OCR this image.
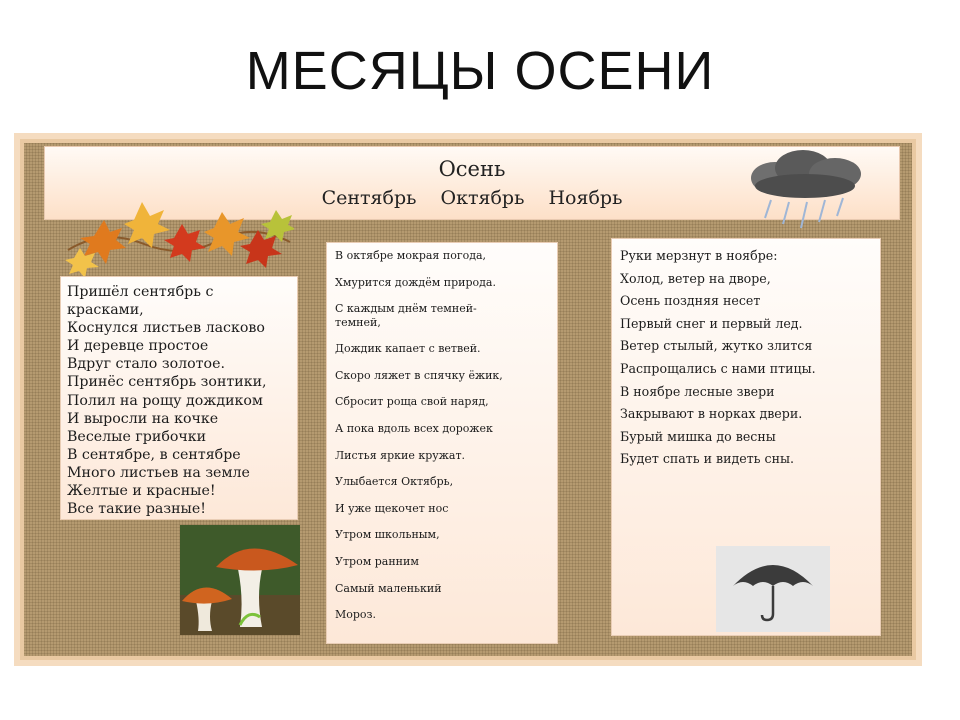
МЕСЯЦЫ ОСЕНИ
Осень
Сентябрь Октябрь Ноябрь
Пришёл сентябрь с
красками,
Коснулся листьев ласково
И деревце простое
Вдруг стало золотое.
Принёс сентябрь зонтики,
Полил на рощу дождиком
И выросли на кочке
Веселые грибочки
В сентябре, в сентябре
Много листьев на земле
Желтые и красные!
Все такие разные!
В октябре мокрая погода,
Хмурится дождём природа.
С каждым днём темней-темней,
Дождик капает с ветвей.
Скоро ляжет в спячку ёжик,
Сбросит роща свой наряд,
А пока вдоль всех дорожек
Листья яркие кружат.
Улыбается Октябрь,
И уже щекочет нос
Утром школьным,
Утром ранним
Самый маленький
Мороз.
Руки мерзнут в ноябре:
Холод, ветер на дворе,
Осень поздняя несет
Первый снег и первый лед.
Ветер стылый, жутко злится
Распрощались с нами птицы.
В ноябре лесные звери
Закрывают в норках двери.
Бурый мишка до весны
Будет спать и видеть сны.
